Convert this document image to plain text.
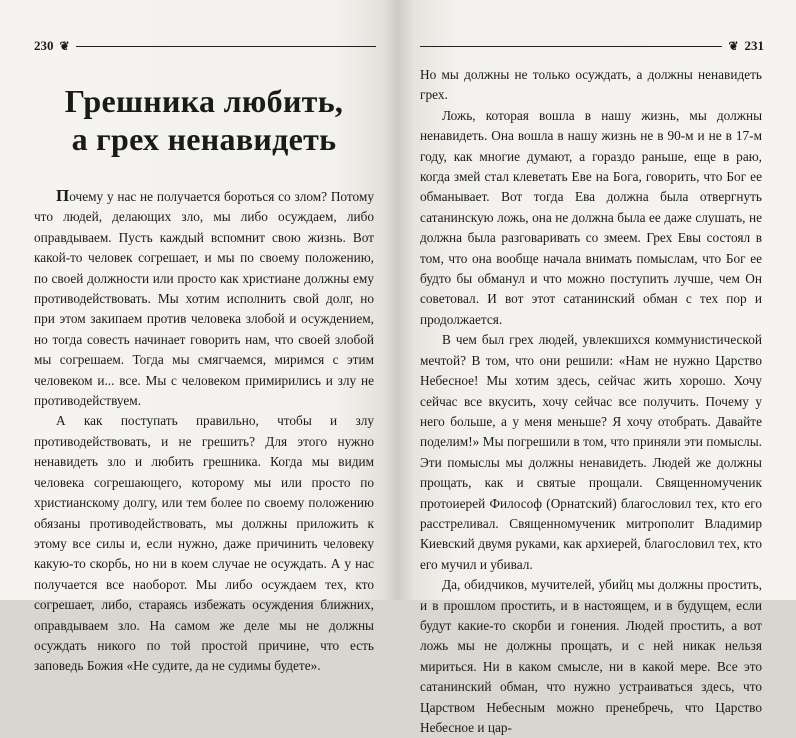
230 ❦
Грешника любить,
а грех ненавидеть

Почему у нас не получается бороться со злом? Потому что людей, делающих зло, мы либо осуждаем, либо оправдываем. Пусть каждый вспомнит свою жизнь. Вот какой-то человек согрешает, и мы по своему положению, по своей должности или просто как христиане должны ему противодействовать. Мы хотим исполнить свой долг, но при этом закипаем против человека злобой и осуждением, но тогда совесть начинает говорить нам, что своей злобой мы согрешаем. Тогда мы смягчаемся, миримся с этим человеком и... все. Мы с человеком примирились и злу не противодействуем.

А как поступать правильно, чтобы и злу противодействовать, и не грешить? Для этого нужно ненавидеть зло и любить грешника. Когда мы видим человека согрешающего, которому мы или просто по христианскому долгу, или тем более по своему положению обязаны противодействовать, мы должны приложить к этому все силы и, если нужно, даже причинить человеку какую-то скорбь, но ни в коем случае не осуждать. А у нас получается все наоборот. Мы либо осуждаем тех, кто согрешает, либо, стараясь избежать осуждения ближних, оправдываем зло. На самом же деле мы не должны осуждать никого по той простой причине, что есть заповедь Божия «Не судите, да не судимы будете».

231
❦

Но мы должны не только осуждать, а должны ненавидеть грех.

Ложь, которая вошла в нашу жизнь, мы должны ненавидеть. Она вошла в нашу жизнь не в 90-м и не в 17-м году, как многие думают, а гораздо раньше, еще в раю, когда змей стал клеветать Еве на Бога, говорить, что Бог ее обманывает. Вот тогда Ева должна была отвергнуть сатанинскую ложь, она не должна была ее даже слушать, не должна была разговаривать со змеем. Грех Евы состоял в том, что она вообще начала внимать помыслам, что Бог ее будто бы обманул и что можно поступить лучше, чем Он советовал. И вот этот сатанинский обман с тех пор и продолжается.

В чем был грех людей, увлекшихся коммунистической мечтой? В том, что они решили: «Нам не нужно Царство Небесное! Мы хотим здесь, сейчас жить хорошо. Хочу сейчас все вкусить, хочу сейчас все получить. Почему у него больше, а у меня меньше? Я хочу отобрать. Давайте поделим!» Мы погрешили в том, что приняли эти помыслы. Эти помыслы мы должны ненавидеть. Людей же должны прощать, как и святые прощали. Священномученик протоиерей Философ (Орнатский) благословил тех, кто его расстреливал. Священномученик митрополит Владимир Киевский двумя руками, как архиерей, благословил тех, кто его мучил и убивал.

Да, обидчиков, мучителей, убийц мы должны простить, и в прошлом простить, и в настоящем, и в будущем, если будут какие-то скорби и гонения. Людей простить, а вот ложь мы не должны прощать, и с ней никак нельзя мириться. Ни в каком смысле, ни в какой мере. Все это сатанинский обман, что нужно устраиваться здесь, что Царством Небесным можно пренебречь, что Царство Небесное и цар-
